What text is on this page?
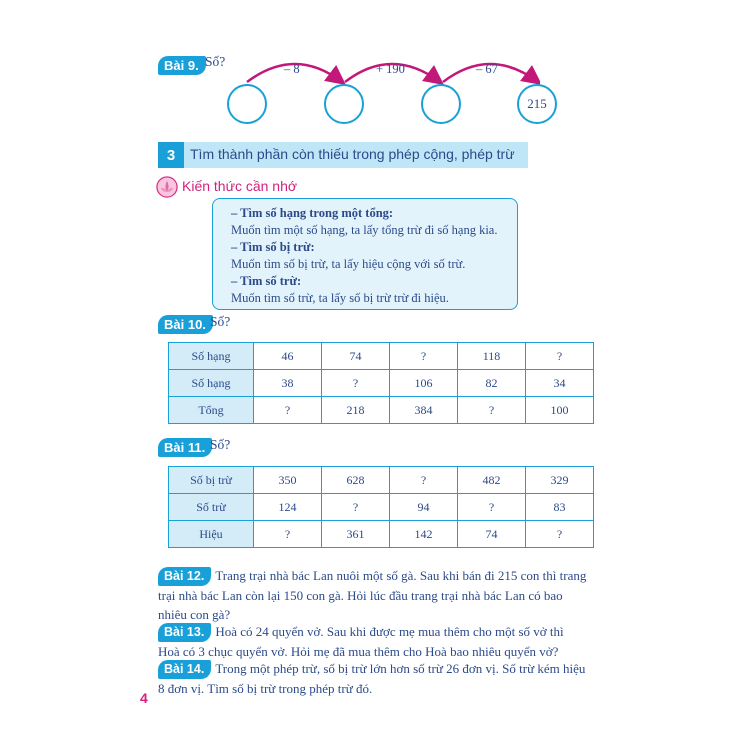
Bài 9. Số?	– 8	+ 190	– 67
215
3	Tìm thành phần còn thiếu trong phép cộng, phép trừ
Kiến thức cần nhớ
– Tìm số hạng trong một tổng:
Muốn tìm một số hạng, ta lấy tổng trừ đi số hạng kia.
– Tìm số bị trừ:
Muốn tìm số bị trừ, ta lấy hiệu cộng với số trừ.
– Tìm số trừ:
Muốn tìm số trừ, ta lấy số bị trừ trừ đi hiệu.
Bài 10. Số?
Số hạng	46	74	?	118	?
Số hạng	38	?	106	82	34
Tổng	?	218	384	?	100
Bài 11. Số?
Số bị trừ	350	628	?	482	329
Số trừ	124	?	94	?	83
Hiệu	?	361	142	74	?
Bài 12. Trang trại nhà bác Lan nuôi một số gà. Sau khi bán đi 215 con thì trang trại nhà bác Lan còn lại 150 con gà. Hỏi lúc đầu trang trại nhà bác Lan có bao nhiêu con gà?
Bài 13. Hoà có 24 quyển vở. Sau khi được mẹ mua thêm cho một số vở thì Hoà có 3 chục quyển vở. Hỏi mẹ đã mua thêm cho Hoà bao nhiêu quyển vở?
Bài 14. Trong một phép trừ, số bị trừ lớn hơn số trừ 26 đơn vị. Số trừ kém hiệu 8 đơn vị. Tìm số bị trừ trong phép trừ đó.
4
